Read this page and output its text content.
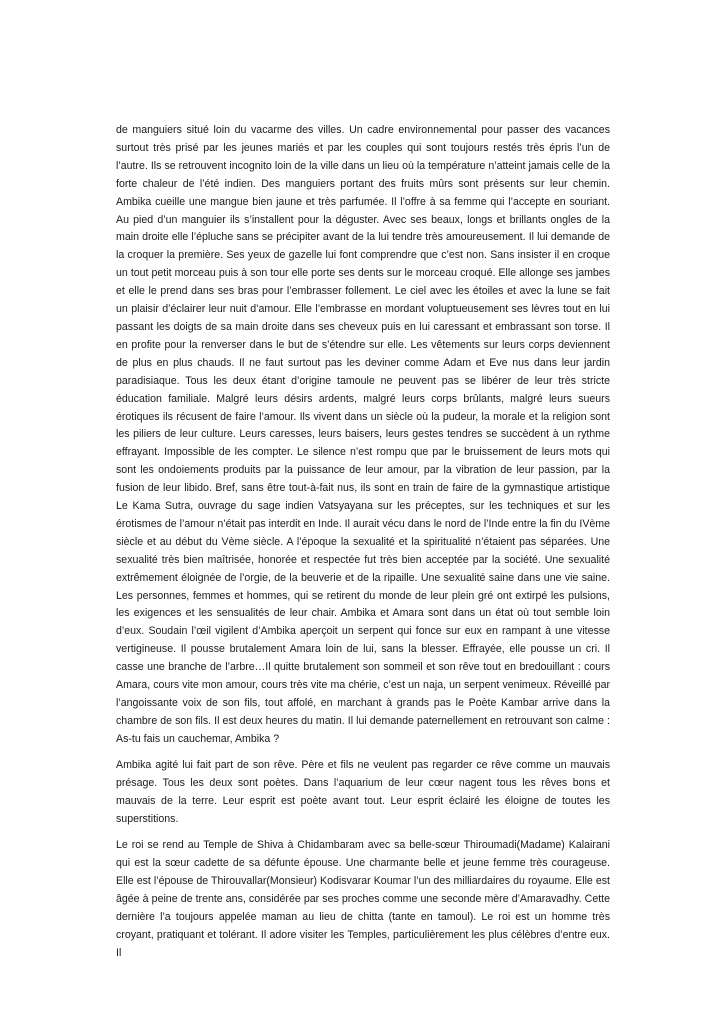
de manguiers situé loin du vacarme des villes. Un cadre environnemental pour passer des vacances surtout très prisé par les jeunes mariés et par les couples qui sont toujours restés très épris l’un de l’autre. Ils se retrouvent incognito loin de la ville dans un lieu où la température n’atteint jamais celle de la forte chaleur de l’été indien. Des manguiers portant des fruits mûrs sont présents sur leur chemin. Ambika cueille une mangue bien jaune et très parfumée. Il l’offre à sa femme qui l’accepte en souriant. Au pied d’un manguier ils s’installent pour la déguster. Avec ses beaux, longs et brillants ongles de la main droite elle l’épluche sans se précipiter avant de la lui tendre très amoureusement. Il lui demande de la croquer la première. Ses yeux de gazelle lui font comprendre que c’est non. Sans insister il en croque un tout petit morceau puis à son tour elle porte ses dents sur le morceau croqué. Elle allonge ses jambes et elle le prend dans ses bras pour l’embrasser follement. Le ciel avec les étoiles et avec la lune se fait un plaisir d’éclairer leur nuit d’amour. Elle l’embrasse en mordant voluptueusement ses lèvres tout en lui passant les doigts de sa main droite dans ses cheveux puis en lui caressant et embrassant son torse. Il en profite pour la renverser dans le but de s’étendre sur elle. Les vêtements sur leurs corps deviennent de plus en plus chauds. Il ne faut surtout pas les deviner comme Adam et Eve nus dans leur jardin paradisiaque. Tous les deux étant d’origine tamoule ne peuvent pas se libérer de leur très stricte éducation familiale. Malgré leurs désirs ardents, malgré leurs corps brûlants, malgré leurs sueurs érotiques ils récusent de faire l’amour. Ils vivent dans un siècle où la pudeur, la morale et la religion sont les piliers de leur culture. Leurs caresses, leurs baisers, leurs gestes tendres se succèdent à un rythme effrayant. Impossible de les compter. Le silence n’est rompu que par le bruissement de leurs mots qui sont les ondoiements produits par la puissance de leur amour, par la vibration de leur passion, par la fusion de leur libido. Bref, sans être tout-à-fait nus, ils sont en train de faire de la gymnastique artistique Le Kama Sutra, ouvrage du sage indien Vatsyayana sur les préceptes, sur les techniques et sur les érotismes de l’amour n’était pas interdit en Inde. Il aurait vécu dans le nord de l’Inde entre la fin du IVème siècle et au début du Vème siècle. A l’époque la sexualité et la spiritualité n’étaient pas séparées. Une sexualité très bien maîtrisée, honorée et respectée fut très bien acceptée par la société. Une sexualité extrêmement éloignée de l’orgie, de la beuverie et de la ripaille. Une sexualité saine dans une vie saine. Les personnes, femmes et hommes, qui se retirent du monde de leur plein gré ont extirpé les pulsions, les exigences et les sensualités de leur chair. Ambika et Amara sont dans un état où tout semble loin d’eux. Soudain l’œil vigilent d’Ambika aperçoit un serpent qui fonce sur eux en rampant à une vitesse vertigineuse. Il pousse brutalement Amara loin de lui, sans la blesser. Effrayée, elle pousse un cri. Il casse une branche de l’arbre…Il quitte brutalement son sommeil et son rêve tout en bredouillant : cours Amara, cours vite mon amour, cours très vite ma chérie, c’est un naja, un serpent venimeux. Réveillé par l’angoissante voix de son fils, tout affolé, en marchant à grands pas le Poète Kambar arrive dans la chambre de son fils. Il est deux heures du matin. Il lui demande paternellement en retrouvant son calme : As-tu fais un cauchemar, Ambika ?

Ambika agité lui fait part de son rêve. Père et fils ne veulent pas regarder ce rêve comme un mauvais présage. Tous les deux sont poètes. Dans l’aquarium de leur cœur nagent tous les rêves bons et mauvais de la terre. Leur esprit est poète avant tout. Leur esprit éclairé les éloigne de toutes les superstitions.

Le roi se rend au Temple de Shiva à Chidambaram avec sa belle-sœur Thiroumadi(Madame) Kalairani qui est la sœur cadette de sa défunte épouse. Une charmante belle et jeune femme très courageuse. Elle est l’épouse de Thirouvallar(Monsieur) Kodisvarar Koumar l’un des milliardaires du royaume. Elle est âgée à peine de trente ans, considérée par ses proches comme une seconde mère d’Amaravadhy. Cette dernière l’a toujours appelée maman au lieu de chitta (tante en tamoul). Le roi est un homme très croyant, pratiquant et tolérant. Il adore visiter les Temples, particulièrement les plus célèbres d’entre eux. Il
